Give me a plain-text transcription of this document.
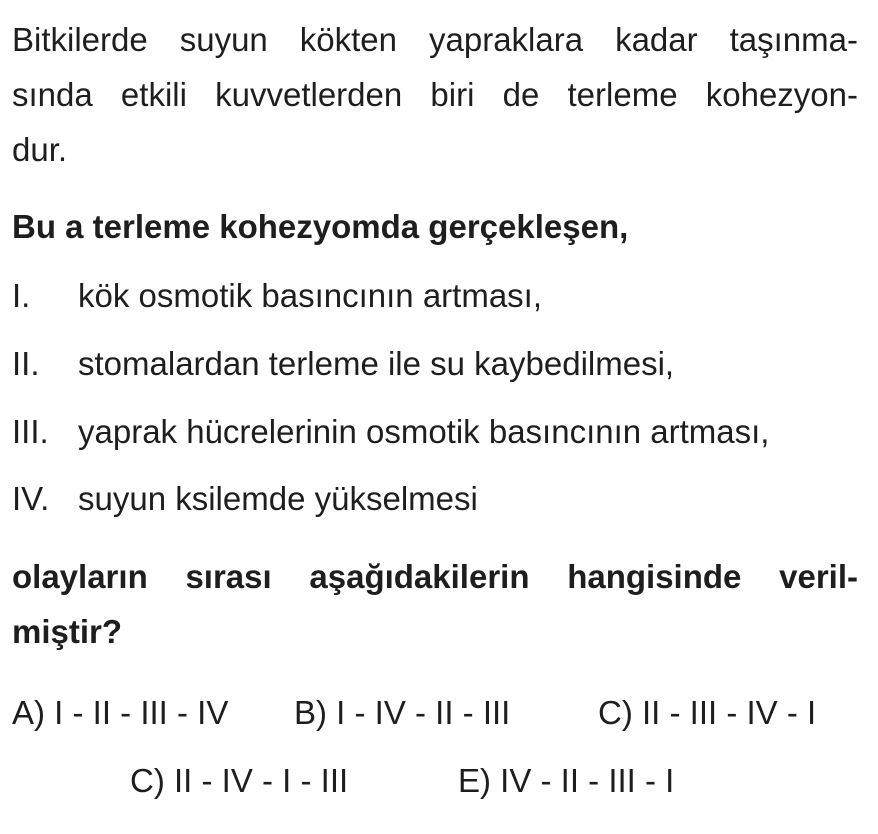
Bitkilerde suyun kökten yapraklara kadar taşınma-
sında etkili kuvvetlerden biri de terleme kohezyon-
dur.
Bu a terleme kohezyomda gerçekleşen,
I. kök osmotik basıncının artması,
II. stomalardan terleme ile su kaybedilmesi,
III. yaprak hücrelerinin osmotik basıncının artması,
IV. suyun ksilemde yükselmesi
olayların sırası aşağıdakilerin hangisinde veril-
miştir?
A) I - II - III - IV B) I - IV - II - III	C) II - III - IV - I
C) II - IV - I - III	E) IV - II - III - I
